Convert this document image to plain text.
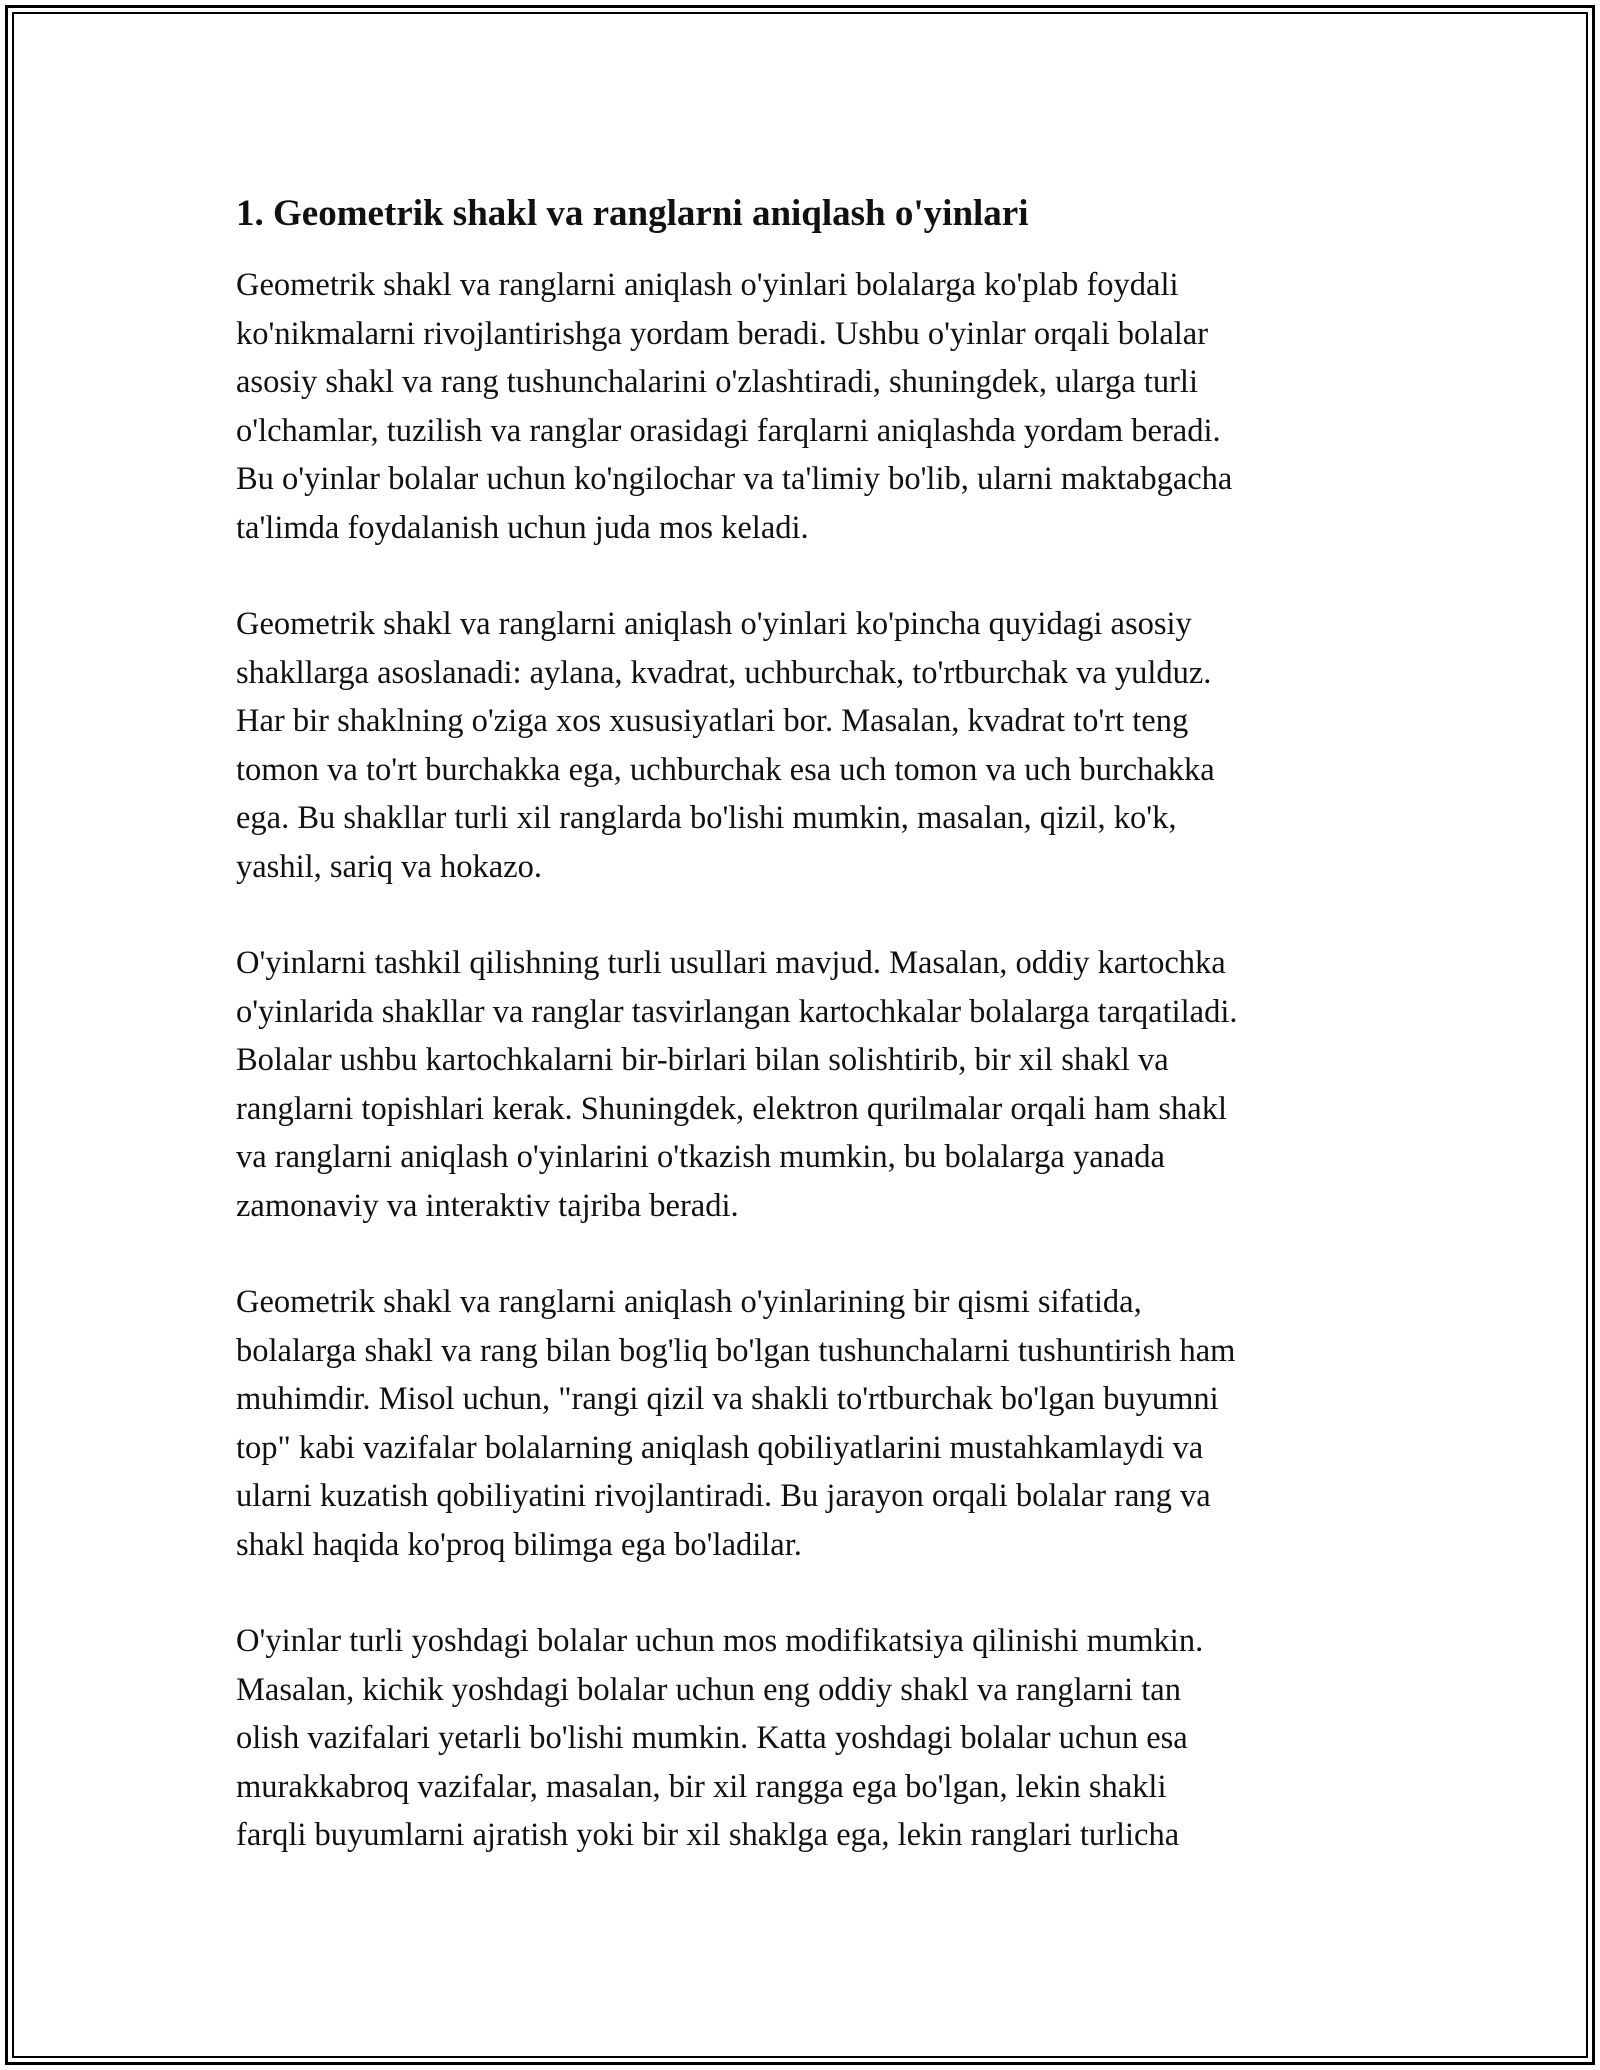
1. Geometrik shakl va ranglarni aniqlash o'yinlari

Geometrik shakl va ranglarni aniqlash o'yinlari bolalarga ko'plab foydali
ko'nikmalarni rivojlantirishga yordam beradi. Ushbu o'yinlar orqali bolalar
asosiy shakl va rang tushunchalarini o'zlashtiradi, shuningdek, ularga turli
o'lchamlar, tuzilish va ranglar orasidagi farqlarni aniqlashda yordam beradi.
Bu o'yinlar bolalar uchun ko'ngilochar va ta'limiy bo'lib, ularni maktabgacha
ta'limda foydalanish uchun juda mos keladi.

Geometrik shakl va ranglarni aniqlash o'yinlari ko'pincha quyidagi asosiy
shakllarga asoslanadi: aylana, kvadrat, uchburchak, to'rtburchak va yulduz.
Har bir shaklning o'ziga xos xususiyatlari bor. Masalan, kvadrat to'rt teng
tomon va to'rt burchakka ega, uchburchak esa uch tomon va uch burchakka
ega. Bu shakllar turli xil ranglarda bo'lishi mumkin, masalan, qizil, ko'k,
yashil, sariq va hokazo.

O'yinlarni tashkil qilishning turli usullari mavjud. Masalan, oddiy kartochka
o'yinlarida shakllar va ranglar tasvirlangan kartochkalar bolalarga tarqatiladi.
Bolalar ushbu kartochkalarni bir-birlari bilan solishtirib, bir xil shakl va
ranglarni topishlari kerak. Shuningdek, elektron qurilmalar orqali ham shakl
va ranglarni aniqlash o'yinlarini o'tkazish mumkin, bu bolalarga yanada
zamonaviy va interaktiv tajriba beradi.

Geometrik shakl va ranglarni aniqlash o'yinlarining bir qismi sifatida,
bolalarga shakl va rang bilan bog'liq bo'lgan tushunchalarni tushuntirish ham
muhimdir. Misol uchun, "rangi qizil va shakli to'rtburchak bo'lgan buyumni
top" kabi vazifalar bolalarning aniqlash qobiliyatlarini mustahkamlaydi va
ularni kuzatish qobiliyatini rivojlantiradi. Bu jarayon orqali bolalar rang va
shakl haqida ko'proq bilimga ega bo'ladilar.

O'yinlar turli yoshdagi bolalar uchun mos modifikatsiya qilinishi mumkin.
Masalan, kichik yoshdagi bolalar uchun eng oddiy shakl va ranglarni tan
olish vazifalari yetarli bo'lishi mumkin. Katta yoshdagi bolalar uchun esa
murakkabroq vazifalar, masalan, bir xil rangga ega bo'lgan, lekin shakli
farqli buyumlarni ajratish yoki bir xil shaklga ega, lekin ranglari turlicha
